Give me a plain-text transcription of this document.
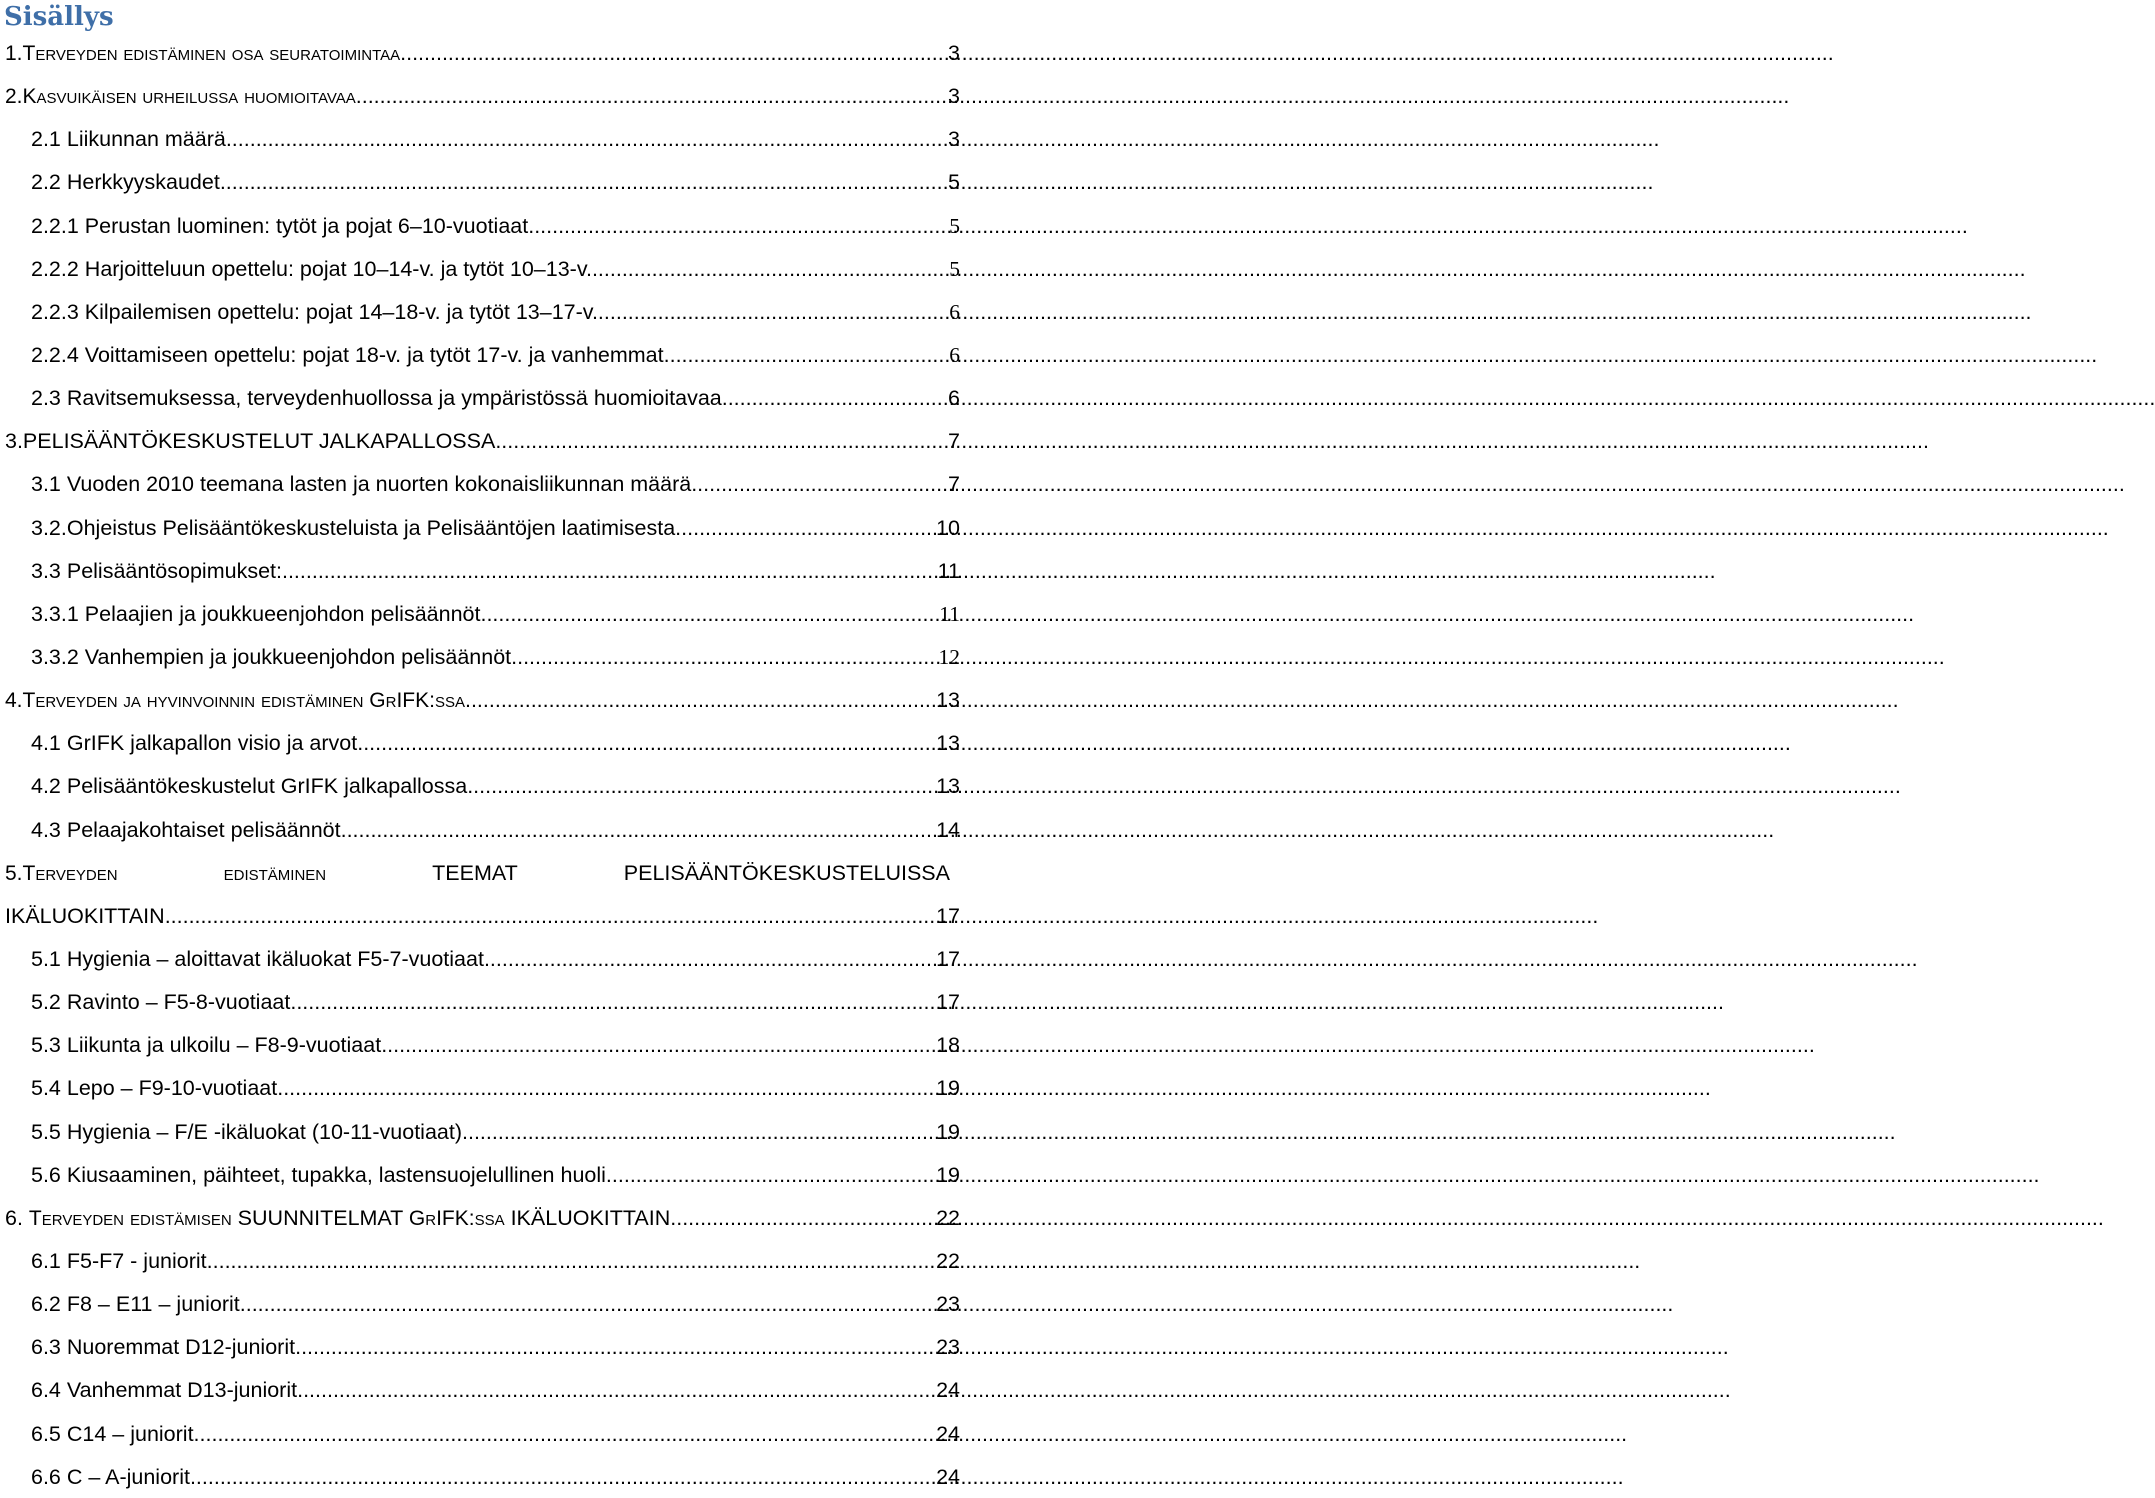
Sisällys
1.Terveyden edistäminen osa seuratoimintaa .....	3
2.Kasvuikäisen urheilussa huomioitavaa .....	3
2.1 Liikunnan määrä .....	3
2.2 Herkkyyskaudet .....	5
2.2.1 Perustan luominen: tytöt ja pojat 6–10-vuotiaat. .....	5
2.2.2 Harjoitteluun opettelu: pojat 10–14-v. ja tytöt 10–13-v. .....	5
2.2.3 Kilpailemisen opettelu: pojat 14–18-v. ja tytöt 13–17-v. .....	6
2.2.4 Voittamiseen opettelu: pojat 18-v. ja tytöt 17-v. ja vanhemmat .....	6
2.3 Ravitsemuksessa, terveydenhuollossa ja ympäristössä huomioitavaa .....	6
3.PELISÄÄNTÖKESKUSTELUT JALKAPALLOSSA .....	7
3.1 Vuoden 2010 teemana lasten ja nuorten kokonaisliikunnan määrä .....	7
3.2.Ohjeistus Pelisääntökeskusteluista ja Pelisääntöjen laatimisesta .....	10
3.3 Pelisääntösopimukset: .....	11
3.3.1 Pelaajien ja joukkueenjohdon pelisäännöt .....	11
3.3.2 Vanhempien ja joukkueenjohdon pelisäännöt .....	12
4.Terveyden ja hyvinvoinnin edistäminen GrIFK:ssa .....	13
4.1 GrIFK jalkapallon visio ja arvot .....	13
4.2 Pelisääntökeskustelut GrIFK jalkapallossa .....	13
4.3 Pelaajakohtaiset pelisäännöt .....	14
5.Terveyden	edistäminen	TEEMAT	PELISÄÄNTÖKESKUSTELUISSA
IKÄLUOKITTAIN .....	17
5.1 Hygienia – aloittavat ikäluokat F5-7-vuotiaat .....	17
5.2 Ravinto – F5-8-vuotiaat .....	17
5.3 Liikunta ja ulkoilu – F8-9-vuotiaat .....	18
5.4 Lepo – F9-10-vuotiaat .....	19
5.5 Hygienia – F/E -ikäluokat (10-11-vuotiaat) .....	19
5.6 Kiusaaminen, päihteet, tupakka, lastensuojelullinen huoli .....	19
6. Terveyden edistämisen SUUNNITELMAT GrIFK:ssa IKÄLUOKITTAIN .....	22
6.1 F5-F7 - juniorit .....	22
6.2 F8 – E11 – juniorit .....	23
6.3 Nuoremmat D12-juniorit .....	23
6.4 Vanhemmat D13-juniorit .....	24
6.5 C14 – juniorit .....	24
6.6 C – A-juniorit .....	24
